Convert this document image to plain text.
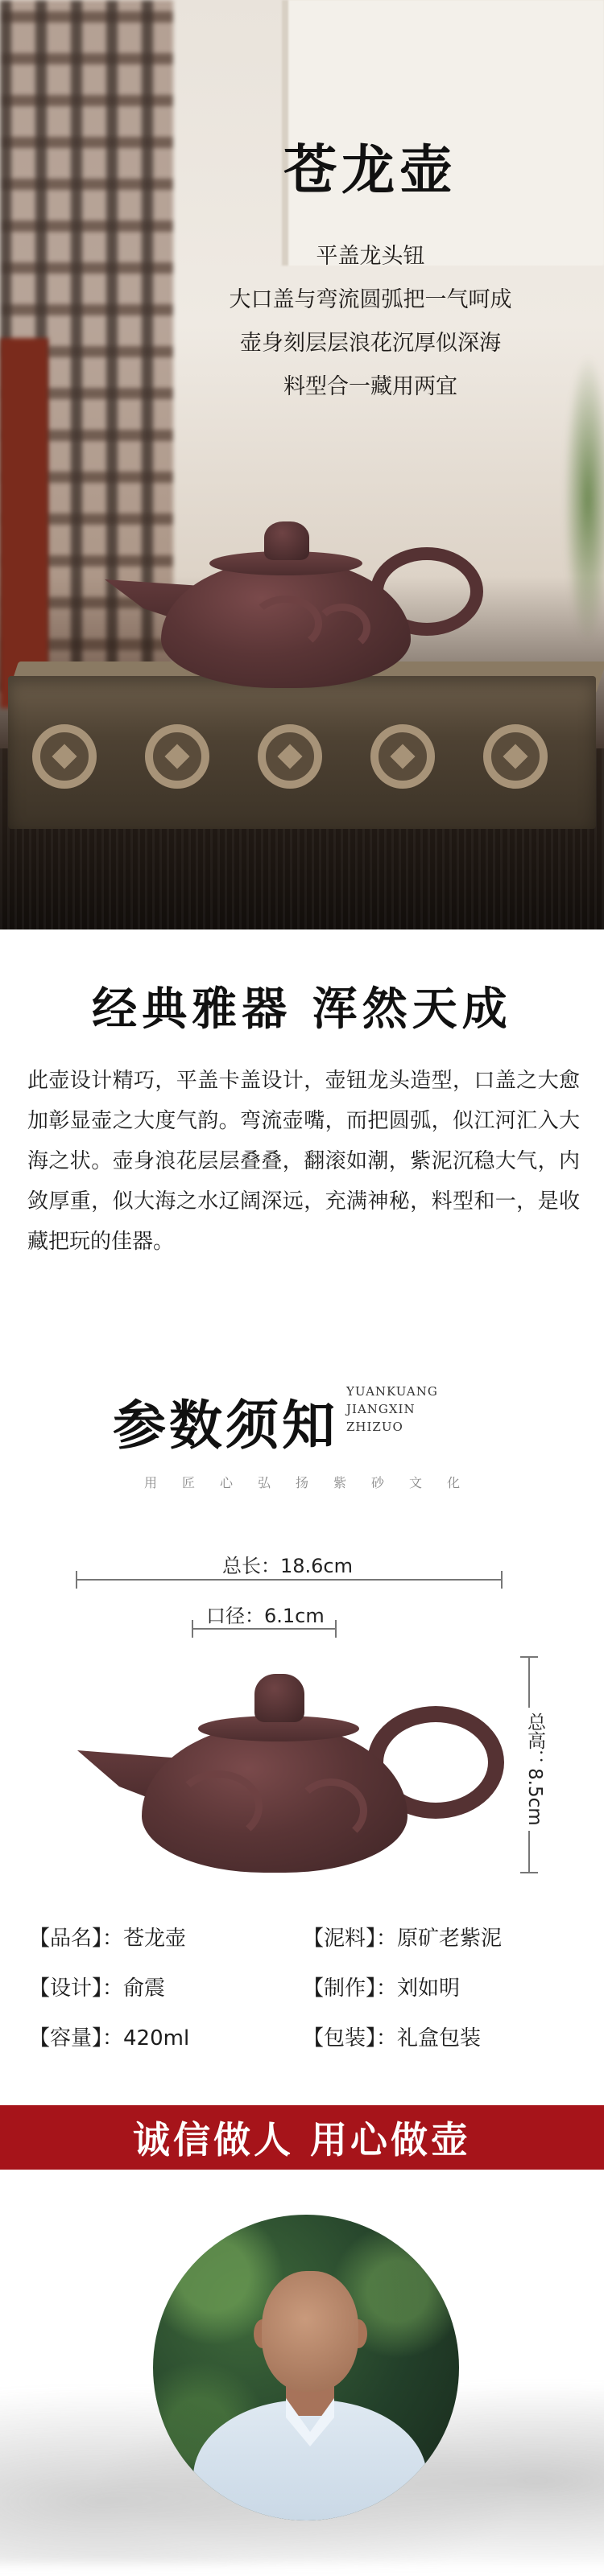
苍龙壶
平盖龙头钮
大口盖与弯流圆弧把一气呵成
壶身刻层层浪花沉厚似深海
料型合一藏用两宜
经典雅器 浑然天成
此壶设计精巧，平盖卡盖设计，壶钮龙头造型，口盖之大愈加彰显壶之大度气韵。弯流壶嘴，而把圆弧，似江河汇入大海之状。壶身浪花层层叠叠，翻滚如潮，紫泥沉稳大气，内敛厚重，似大海之水辽阔深远，充满神秘，料型和一，是收藏把玩的佳器。
参数须知
YUANKUANG
JIANGXIN
ZHIZUO
用匠心弘扬紫砂文化
总长：18.6cm
口径：6.1cm
总高：8.5cm
【品名】：苍龙壶	【泥料】：原矿老紫泥
【设计】：俞震	【制作】：刘如明
【容量】：420ml	【包装】：礼盒包装
诚信做人 用心做壶
